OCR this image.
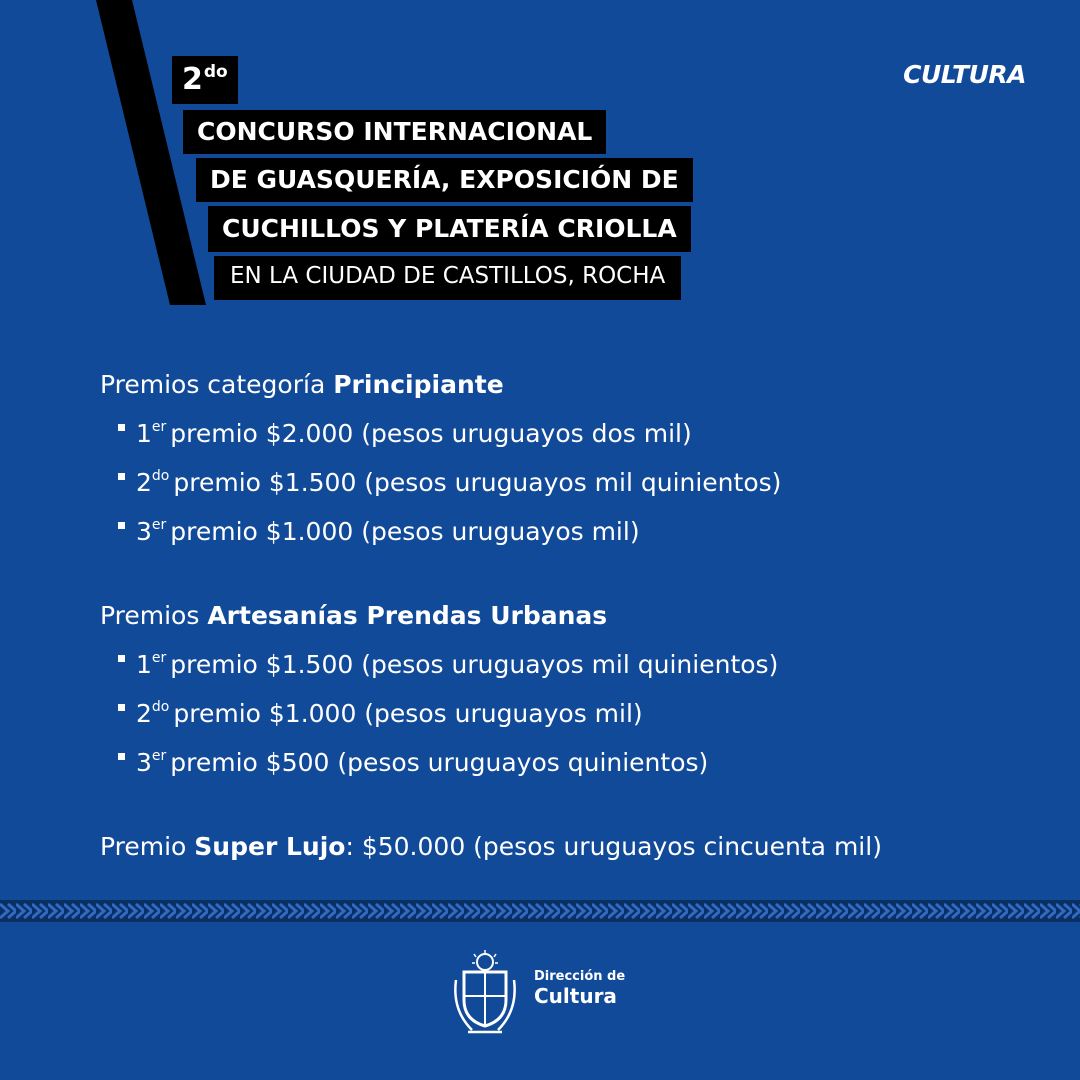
$2^{do}$
CONCURSO INTERNACIONAL
DE GUASQUERÍA, EXPOSICIÓN DE
CUCHILLOS Y PLATERÍA CRIOLLA
EN LA CIUDAD DE CASTILLOS, ROCHA
CULTURA

Premios categoría Principiante

1er premio $2.000 (pesos uruguayos dos mil)
$2^{do}$ premio $1.500 (pesos uruguayos mil quinientos)
3er premio $1.000 (pesos uruguayos mil)

Premios Artesanías Prendas Urbanas

1er premio $1.500 (pesos uruguayos mil quinientos)
$2^{do}$ premio $1.000 (pesos uruguayos mil)
3er premio $500 (pesos uruguayos quinientos)

Premio Super Lujo: $50.000 (pesos uruguayos cincuenta mil)

Dirección de
Cultura
